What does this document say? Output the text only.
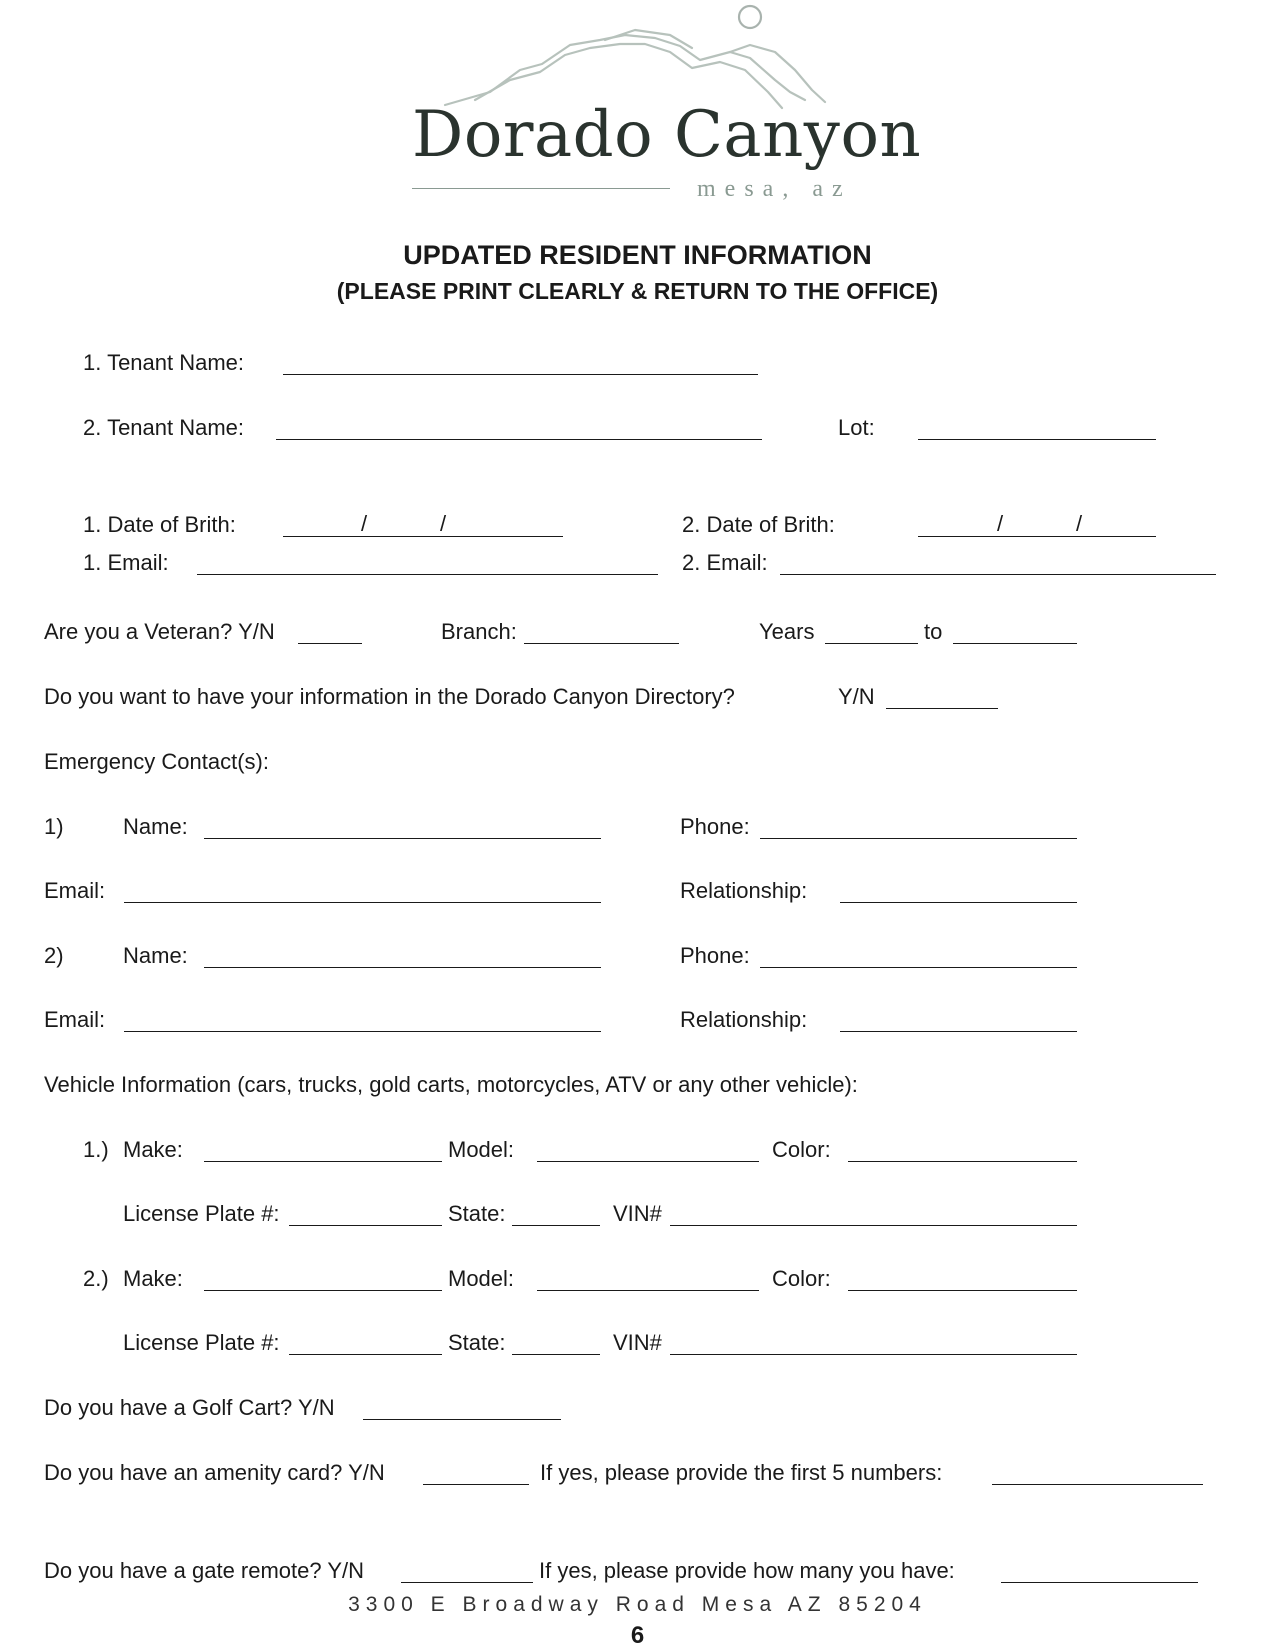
Dorado Canyon
mesa, az
UPDATED RESIDENT INFORMATION
(PLEASE PRINT CLEARLY & RETURN TO THE OFFICE)
1. Tenant Name:
2. Tenant Name:	Lot:
1. Date of Brith:	/	/	2. Date of Brith:	/	/
1. Email:	2. Email:
Are you a Veteran? Y/N	Branch:	Years	to
Do you want to have your information in the Dorado Canyon Directory?	Y/N
Emergency Contact(s):
1)	Name:	Phone:
Email:	Relationship:
2)	Name:	Phone:
Email:	Relationship:
Vehicle Information (cars, trucks, gold carts, motorcycles, ATV or any other vehicle):
1.) Make:	Model:	Color:
License Plate #:	State:	VIN#
2.) Make:	Model:	Color:
License Plate #:	State:	VIN#
Do you have a Golf Cart? Y/N
Do you have an amenity card? Y/N	If yes, please provide the first 5 numbers:
Do you have a gate remote? Y/N	If yes, please provide how many you have:
3300 E Broadway Road Mesa AZ 85204
6
